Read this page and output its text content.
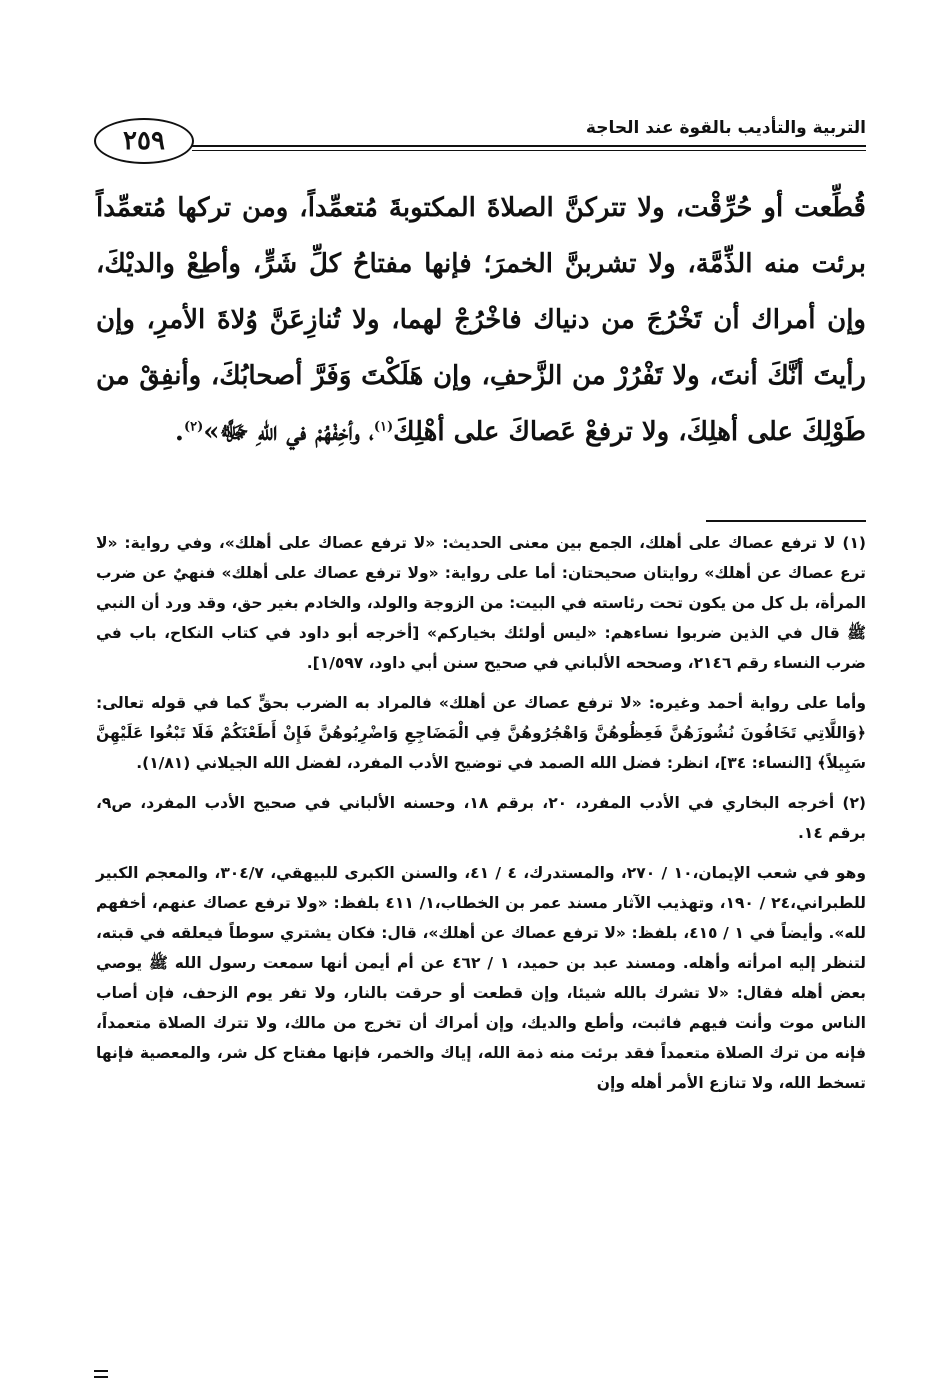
٢٥٩	التربية والتأديب بالقوة عند الحاجة

قُطِّعت أو حُرِّقْت، ولا تتركنَّ الصلاةَ المكتوبةَ مُتعمِّداً، ومن تركها مُتعمِّداً برئت منه الذِّمَّة، ولا تشربنَّ الخمرَ؛ فإنها مفتاحُ كلِّ شَرٍّ، وأطِعْ والديْكَ، وإن أمراك أن تَخْرُجَ من دنياك فاخْرُجْ لهما، ولا تُنازِعَنَّ وُلاةَ الأمرِ، وإن رأيتَ أنَّكَ أنتَ، ولا تَفْرُرْ من الزَّحفِ، وإن هَلَكْتَ وَفَرَّ أصحابُكَ، وأنفِقْ من طَوْلِكَ على أهلِكَ، ولا ترفعْ عَصاكَ على أهْلِكَ$^{(١)}$، وأخِفْهُمْ في اللهِ ﷻ»$^{(٢)}$.

(١) لا ترفع عصاك على أهلك، الجمع بين معنى الحديث: «لا ترفع عصاك على أهلك»، وفي رواية: «لا ترع عصاك عن أهلك» روايتان صحيحتان: أما على رواية: «ولا ترفع عصاك على أهلك» فنهيٌ عن ضرب المرأة، بل كل من يكون تحت رئاسته في البيت: من الزوجة والولد، والخادم بغير حق، وقد ورد أن النبي ﷺ قال في الذين ضربوا نساءهم: «ليس أولئك بخياركم» [أخرجه أبو داود في كتاب النكاح، باب في ضرب النساء رقم ٢١٤٦، وصححه الألباني في صحيح سنن أبي داود، ١/٥٩٧].

وأما على رواية أحمد وغيره: «لا ترفع عصاك عن أهلك» فالمراد به الضرب بحقٍّ كما في قوله تعالى: ﴿وَاللَّاتِي تَخَافُونَ نُشُوزَهُنَّ فَعِظُوهُنَّ وَاهْجُرُوهُنَّ فِي الْمَضَاجِعِ وَاضْرِبُوهُنَّ فَإِنْ أَطَعْنَكُمْ فَلَا تَبْغُوا عَلَيْهِنَّ سَبِيلاً﴾ [النساء: ٣٤]، انظر: فضل الله الصمد في توضيح الأدب المفرد، لفضل الله الجيلاني (١/٨١).

(٢) أخرجه البخاري في الأدب المفرد، ٢٠، برقم ١٨، وحسنه الألباني في صحيح الأدب المفرد، ص٩، برقم ١٤.

وهو في شعب الإيمان،١٠ / ٢٧٠، والمستدرك، ٤ / ٤١، والسنن الكبرى للبيهقي، ٣٠٤/٧، والمعجم الكبير للطبراني،٢٤ / ١٩٠، وتهذيب الآثار مسند عمر بن الخطاب،١/ ٤١١ بلفظ: «ولا ترفع عصاك عنهم، أخفهم لله». وأيضاً في ١ / ٤١٥، بلفظ: «لا ترفع عصاك عن أهلك»، قال: فكان يشتري سوطاً فيعلقه في قبته، لتنظر إليه امرأته وأهله. ومسند عبد بن حميد، ١ / ٤٦٢ عن أم أيمن أنها سمعت رسول الله ﷺ يوصي بعض أهله فقال: «لا تشرك بالله شيئا، وإن قطعت أو حرقت بالنار، ولا تفر يوم الزحف، فإن أصاب الناس موت وأنت فيهم فاثبت، وأطع والديك، وإن أمراك أن تخرج من مالك، ولا تترك الصلاة متعمداً، فإنه من ترك الصلاة متعمداً فقد برئت منه ذمة الله، إياك والخمر، فإنها مفتاح كل شر، والمعصية فإنها تسخط الله، ولا تنازع الأمر أهله وإن
